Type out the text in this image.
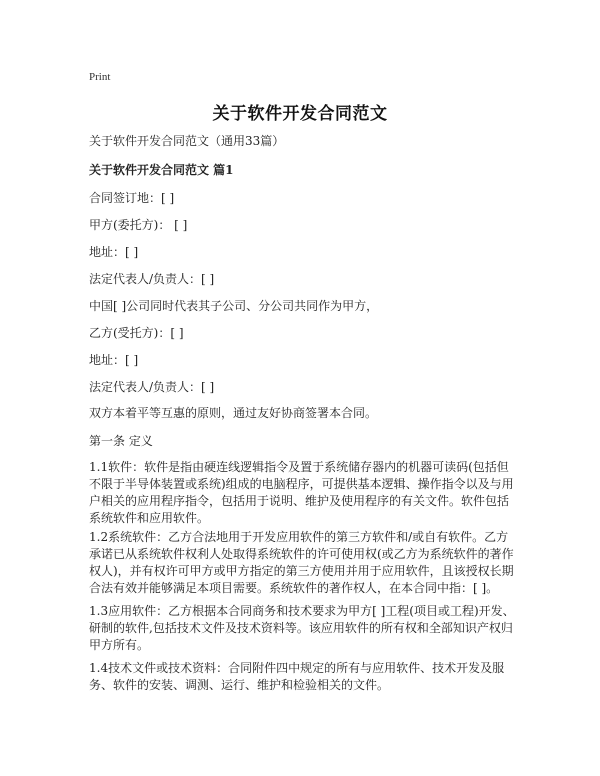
Print
关于软件开发合同范文

关于软件开发合同范文（通用33篇）

关于软件开发合同范文 篇1

合同签订地：[ ]

甲方(委托方)： [ ]

地址：[ ]

法定代表人/负责人：[ ]

中国[ ]公司同时代表其子公司、分公司共同作为甲方，

乙方(受托方)：[ ]

地址：[ ]

法定代表人/负责人：[ ]

双方本着平等互惠的原则，通过友好协商签署本合同。

第一条 定义

1.1软件：软件是指由硬连线逻辑指令及置于系统储存器内的机器可读码(包括但不限于半导体装置或系统)组成的电脑程序，可提供基本逻辑、操作指令以及与用户相关的应用程序指令，包括用于说明、维护及使用程序的有关文件。软件包括系统软件和应用软件。

1.2系统软件：乙方合法地用于开发应用软件的第三方软件和/或自有软件。乙方承诺已从系统软件权利人处取得系统软件的许可使用权(或乙方为系统软件的著作权人)，并有权许可甲方或甲方指定的第三方使用并用于应用软件，且该授权长期合法有效并能够满足本项目需要。系统软件的著作权人，在本合同中指：[ ]。

1.3应用软件：乙方根据本合同商务和技术要求为甲方[ ]工程(项目或工程)开发、研制的软件,包括技术文件及技术资料等。该应用软件的所有权和全部知识产权归甲方所有。

1.4技术文件或技术资料：合同附件四中规定的所有与应用软件、技术开发及服务、软件的安装、调测、运行、维护和检验相关的文件。
